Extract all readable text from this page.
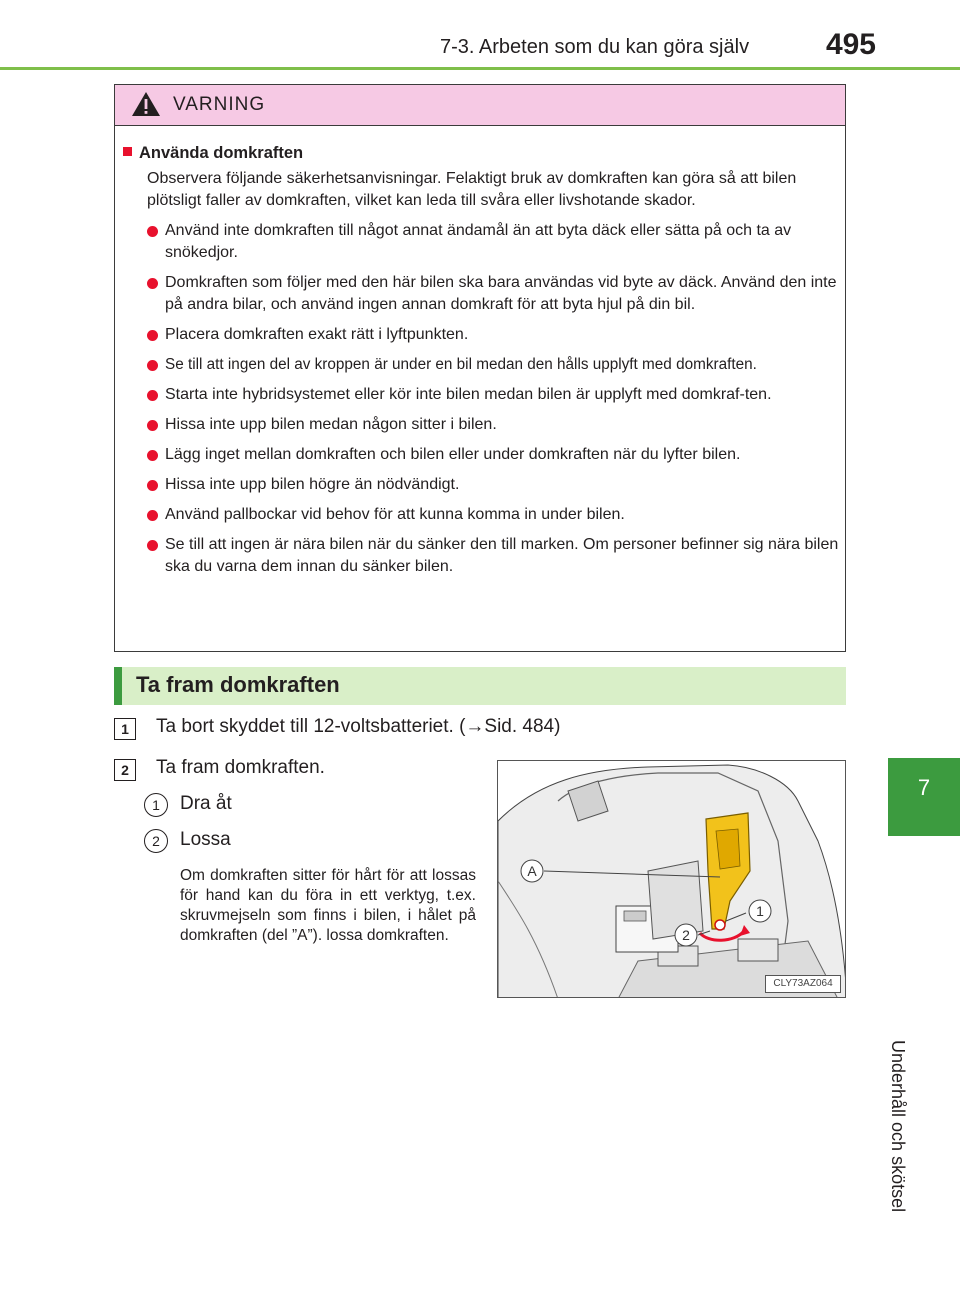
7-3. Arbeten som du kan göra själv	495
7
Underhåll och skötsel
VARNING
Använda domkraften
Observera följande säkerhetsanvisningar. Felaktigt bruk av domkraften kan göra så att bilen plötsligt faller av domkraften, vilket kan leda till svåra eller livshotande skador.
Använd inte domkraften till något annat ändamål än att byta däck eller sätta på och ta av snökedjor.
Domkraften som följer med den här bilen ska bara användas vid byte av däck. Använd den inte på andra bilar, och använd ingen annan domkraft för att byta hjul på din bil.
Placera domkraften exakt rätt i lyftpunkten.
Se till att ingen del av kroppen är under en bil medan den hålls upplyft med domkraften.
Starta inte hybridsystemet eller kör inte bilen medan bilen är upplyft med domkraf-ten.
Hissa inte upp bilen medan någon sitter i bilen.
Lägg inget mellan domkraften och bilen eller under domkraften när du lyfter bilen.
Hissa inte upp bilen högre än nödvändigt.
Använd pallbockar vid behov för att kunna komma in under bilen.
Se till att ingen är nära bilen när du sänker den till marken. Om personer befinner sig nära bilen ska du varna dem innan du sänker bilen.
Ta fram domkraften
1	Ta bort skyddet till 12-voltsbatteriet. (→Sid. 484)
2	Ta fram domkraften.
1	Dra åt
2	Lossa
Om domkraften sitter för hårt för att lossas för hand kan du föra in ett verktyg, t.ex. skruvmejseln som finns i bilen, i hålet på domkraften (del ”A”). lossa domkraften.
A
1
2
CLY73AZ064
